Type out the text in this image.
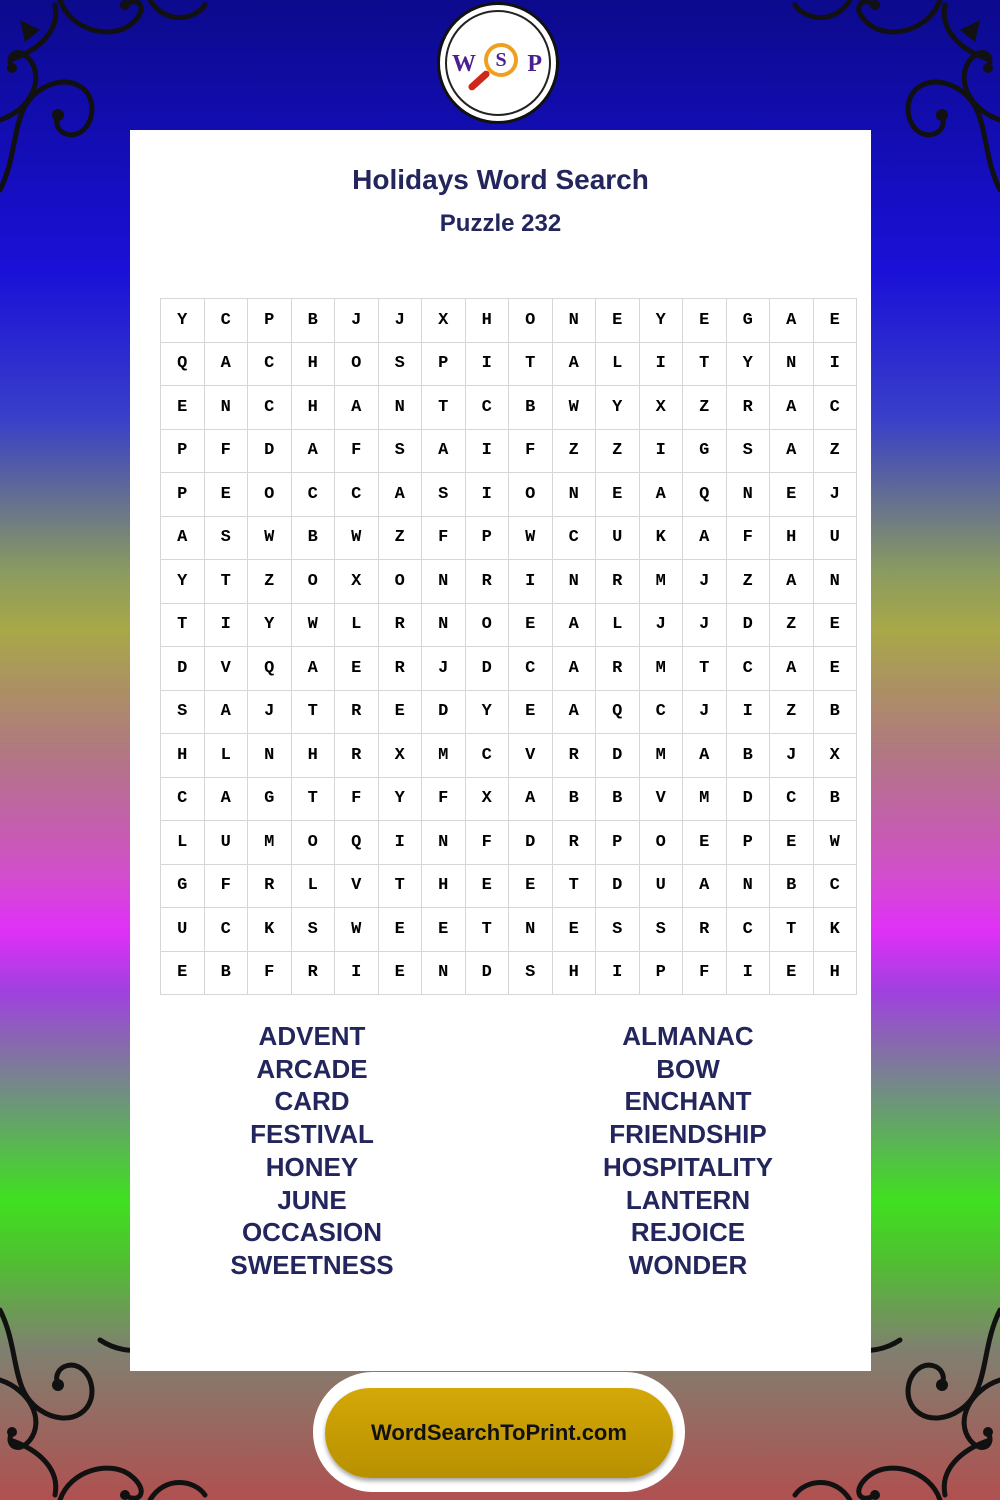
W S P
Holidays Word Search
Puzzle 232
Y	C	P	B	J	J	X	H	O	N	E	Y	E	G	A	E
Q	A	C	H	O	S	P	I	T	A	L	I	T	Y	N	I
E	N	C	H	A	N	T	C	B	W	Y	X	Z	R	A	C
P	F	D	A	F	S	A	I	F	Z	Z	I	G	S	A	Z
P	E	O	C	C	A	S	I	O	N	E	A	Q	N	E	J
A	S	W	B	W	Z	F	P	W	C	U	K	A	F	H	U
Y	T	Z	O	X	O	N	R	I	N	R	M	J	Z	A	N
T	I	Y	W	L	R	N	O	E	A	L	J	J	D	Z	E
D	V	Q	A	E	R	J	D	C	A	R	M	T	C	A	E
S	A	J	T	R	E	D	Y	E	A	Q	C	J	I	Z	B
H	L	N	H	R	X	M	C	V	R	D	M	A	B	J	X
C	A	G	T	F	Y	F	X	A	B	B	V	M	D	C	B
L	U	M	O	Q	I	N	F	D	R	P	O	E	P	E	W
G	F	R	L	V	T	H	E	E	T	D	U	A	N	B	C
U	C	K	S	W	E	E	T	N	E	S	S	R	C	T	K
E	B	F	R	I	E	N	D	S	H	I	P	F	I	E	H
ADVENT
ARCADE
CARD
FESTIVAL
HONEY
JUNE
OCCASION
SWEETNESS
ALMANAC
BOW
ENCHANT
FRIENDSHIP
HOSPITALITY
LANTERN
REJOICE
WONDER
WordSearchToPrint.com
